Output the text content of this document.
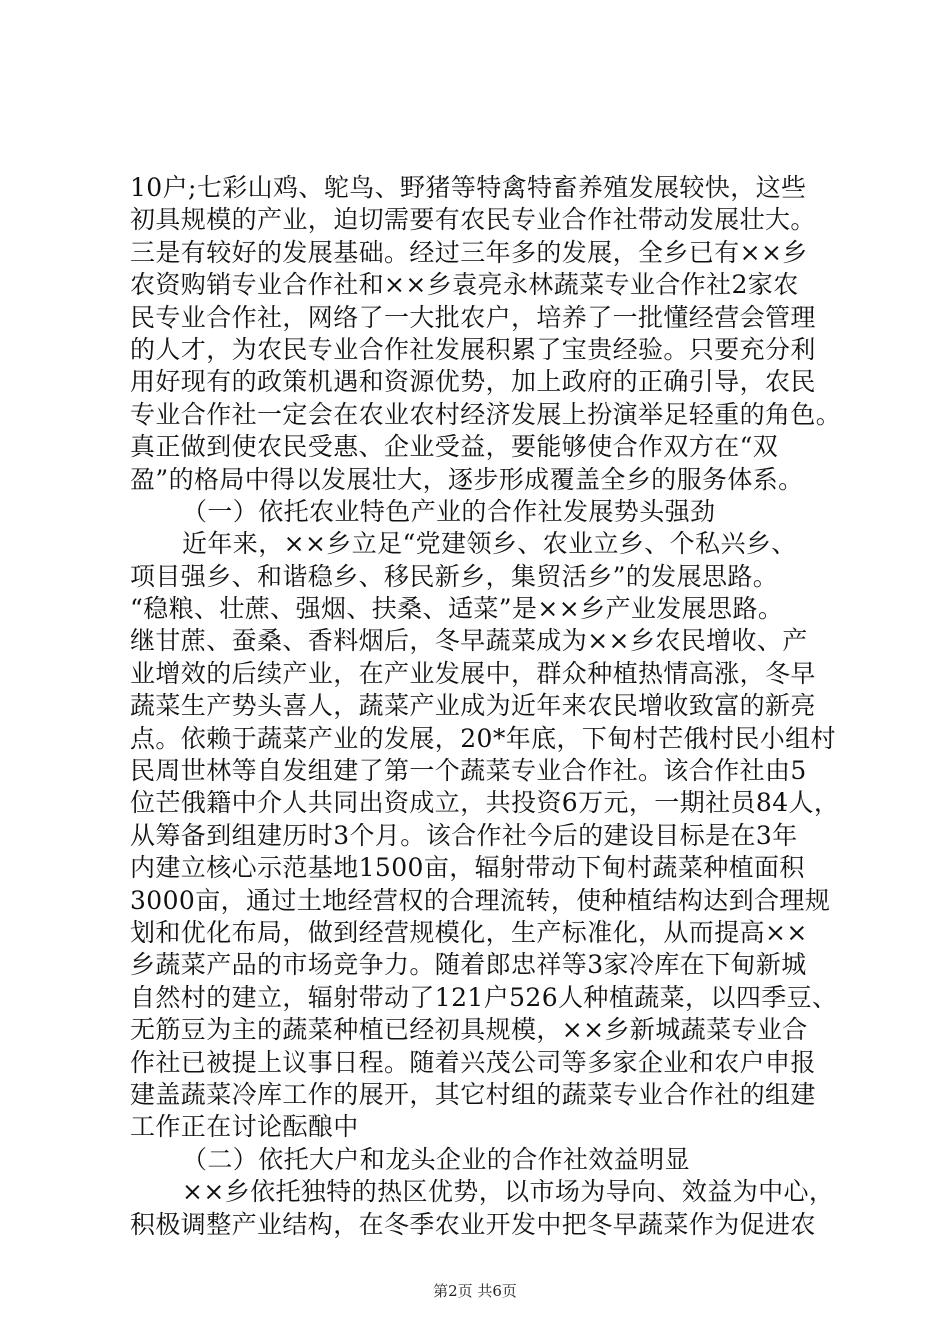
10户;七彩山鸡、鸵鸟、野猪等特禽特畜养殖发展较快，这些
初具规模的产业，迫切需要有农民专业合作社带动发展壮大。
三是有较好的发展基础。经过三年多的发展，全乡已有××乡
农资购销专业合作社和××乡袁亮永林蔬菜专业合作社2家农
民专业合作社，网络了一大批农户，培养了一批懂经营会管理
的人才，为农民专业合作社发展积累了宝贵经验。只要充分利
用好现有的政策机遇和资源优势，加上政府的正确引导，农民
专业合作社一定会在农业农村经济发展上扮演举足轻重的角色。
真正做到使农民受惠、企业受益，要能够使合作双方在“双
盈”的格局中得以发展壮大，逐步形成覆盖全乡的服务体系。
（一）依托农业特色产业的合作社发展势头强劲
近年来，××乡立足“党建领乡、农业立乡、个私兴乡、
项目强乡、和谐稳乡、移民新乡，集贸活乡”的发展思路。
“稳粮、壮蔗、强烟、扶桑、适菜”是××乡产业发展思路。
继甘蔗、蚕桑、香料烟后，冬早蔬菜成为××乡农民增收、产
业增效的后续产业，在产业发展中，群众种植热情高涨，冬早
蔬菜生产势头喜人，蔬菜产业成为近年来农民增收致富的新亮
点。依赖于蔬菜产业的发展，20*年底，下甸村芒俄村民小组村
民周世林等自发组建了第一个蔬菜专业合作社。该合作社由5
位芒俄籍中介人共同出资成立，共投资6万元，一期社员84人，
从筹备到组建历时3个月。该合作社今后的建设目标是在3年
内建立核心示范基地1500亩，辐射带动下甸村蔬菜种植面积
3000亩，通过土地经营权的合理流转，使种植结构达到合理规
划和优化布局，做到经营规模化，生产标准化，从而提高××
乡蔬菜产品的市场竞争力。随着郎忠祥等3家冷库在下甸新城
自然村的建立，辐射带动了121户526人种植蔬菜，以四季豆、
无筋豆为主的蔬菜种植已经初具规模，××乡新城蔬菜专业合
作社已被提上议事日程。随着兴茂公司等多家企业和农户申报
建盖蔬菜冷库工作的展开，其它村组的蔬菜专业合作社的组建
工作正在讨论酝酿中
（二）依托大户和龙头企业的合作社效益明显
××乡依托独特的热区优势，以市场为导向、效益为中心，
积极调整产业结构，在冬季农业开发中把冬早蔬菜作为促进农
第2页 共6页
